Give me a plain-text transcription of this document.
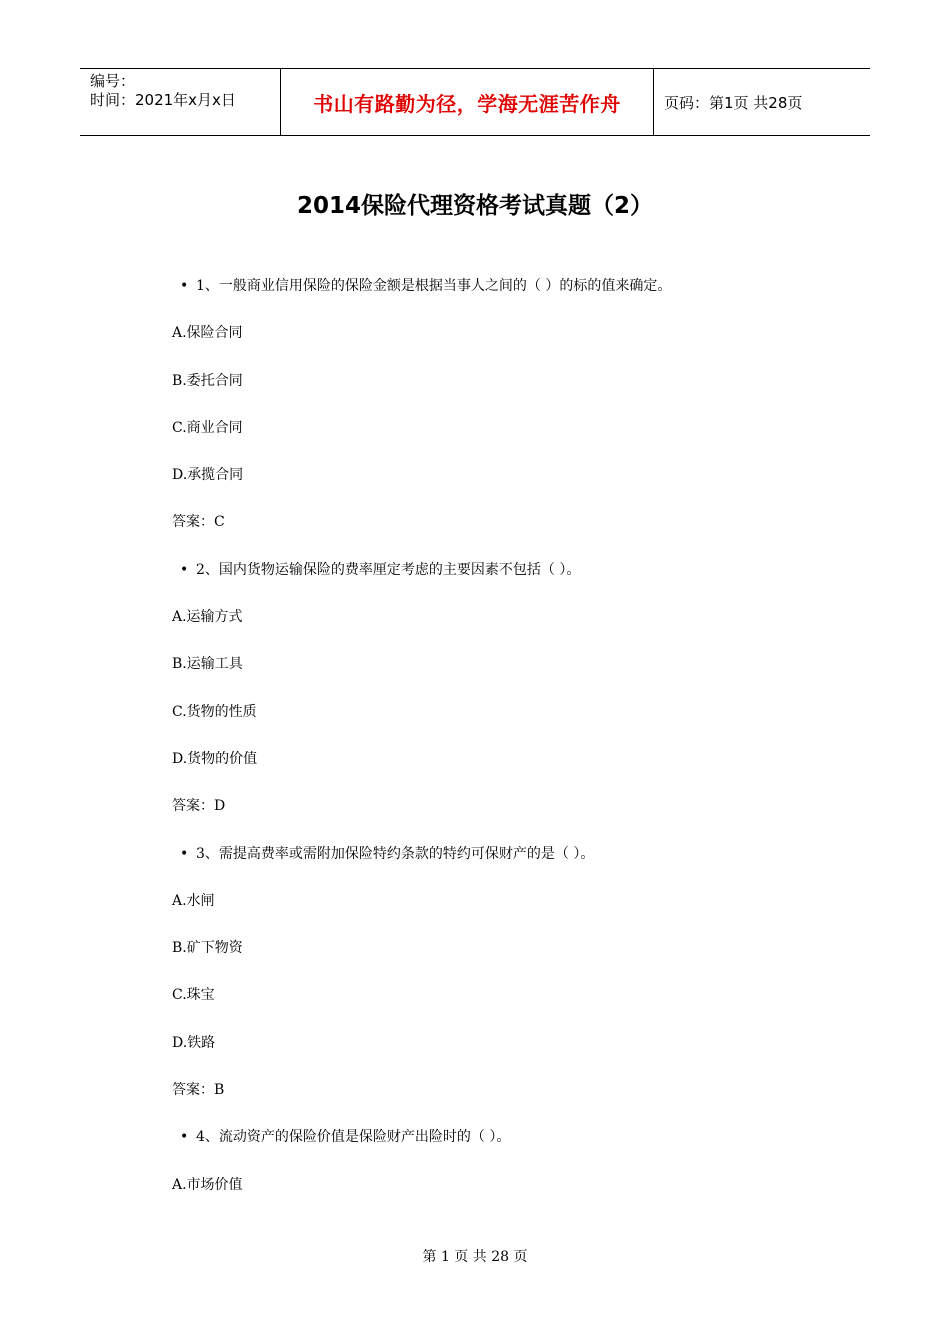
编号：
时间：2021年x月x日	书山有路勤为径，学海无涯苦作舟	页码：第1页 共28页
2014保险代理资格考试真题（2）
• 1、一般商业信用保险的保险金额是根据当事人之间的（ ）的标的值来确定。
A.保险合同
B.委托合同
C.商业合同
D.承揽合同
答案：C
• 2、国内货物运输保险的费率厘定考虑的主要因素不包括（ ）。
A.运输方式
B.运输工具
C.货物的性质
D.货物的价值
答案：D
• 3、需提高费率或需附加保险特约条款的特约可保财产的是（ ）。
A.水闸
B.矿下物资
C.珠宝
D.铁路
答案：B
• 4、流动资产的保险价值是保险财产出险时的（ ）。
A.市场价值
第 1 页 共 28 页
